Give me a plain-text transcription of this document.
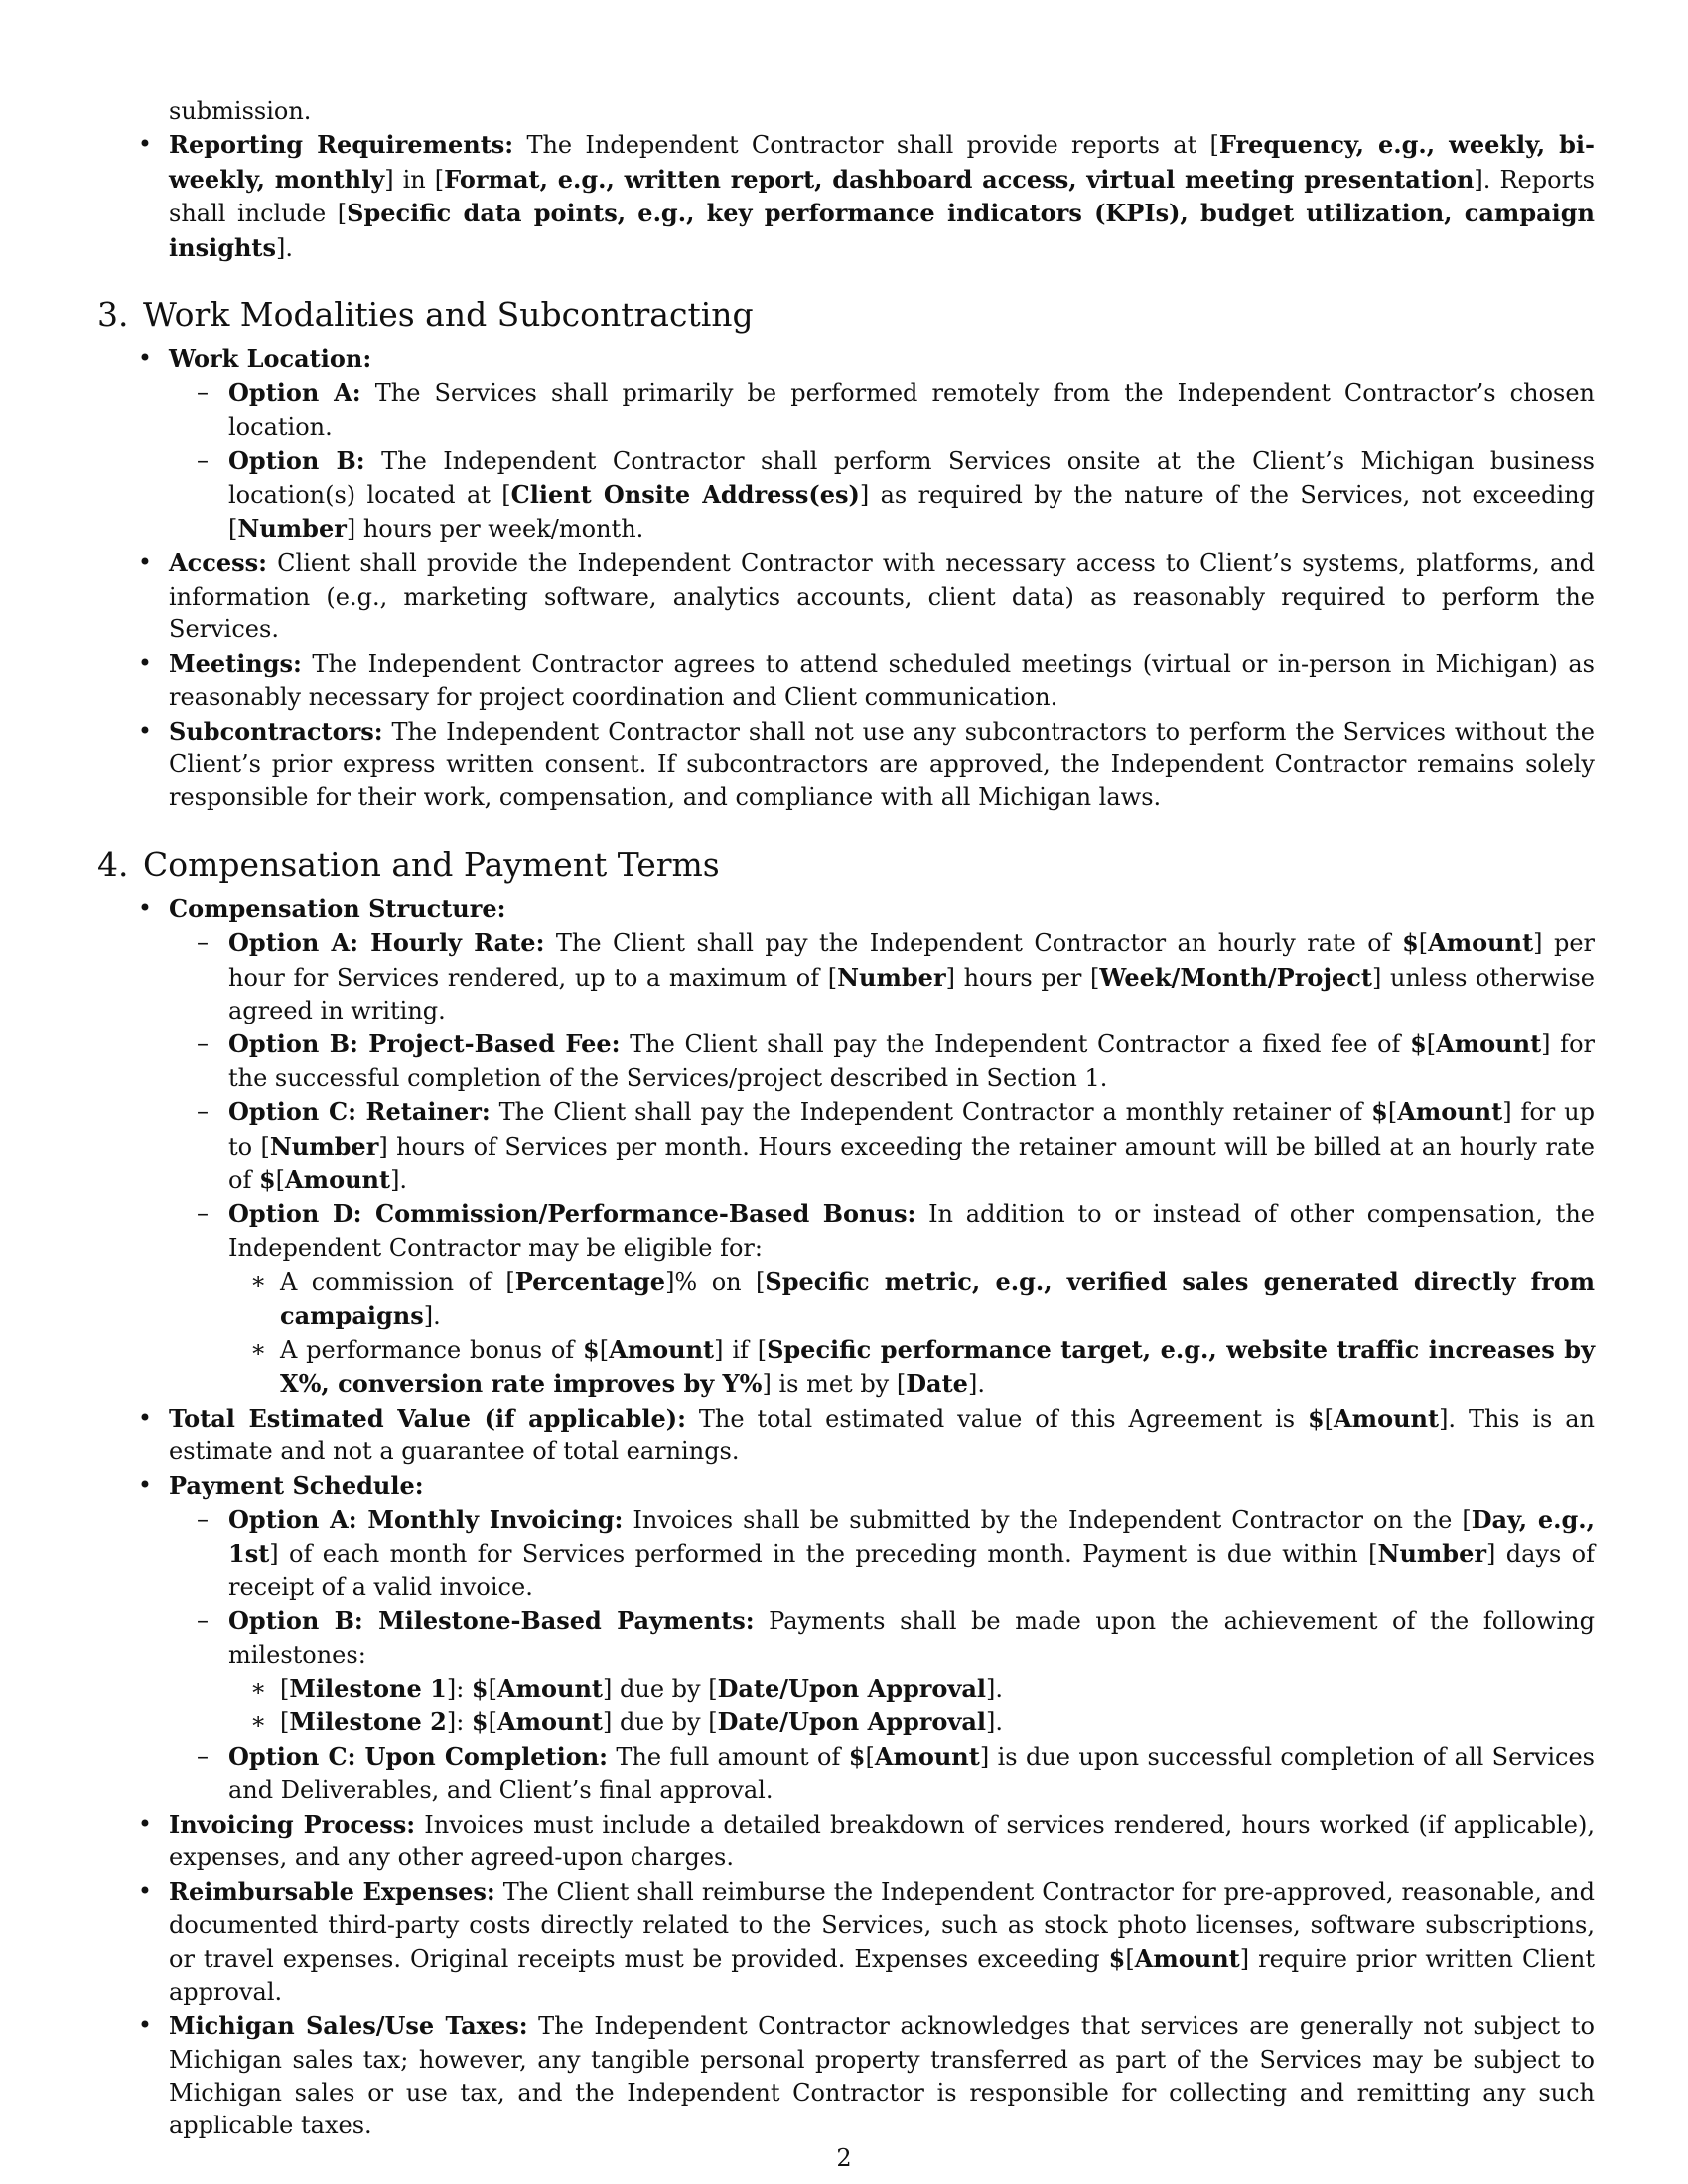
submission.
• Reporting Requirements: The Independent Contractor shall provide reports at [Frequency, e.g., weekly, bi-weekly, monthly] in [Format, e.g., written report, dashboard access, virtual meeting presentation]. Reports shall include [Specific data points, e.g., key performance indicators (KPIs), budget utilization, campaign insights].
3. Work Modalities and Subcontracting
• Work Location:
– Option A: The Services shall primarily be performed remotely from the Independent Contractor’s chosen location.
– Option B: The Independent Contractor shall perform Services onsite at the Client’s Michigan business location(s) located at [Client Onsite Address(es)] as required by the nature of the Services, not exceeding [Number] hours per week/month.
• Access: Client shall provide the Independent Contractor with necessary access to Client’s systems, platforms, and information (e.g., marketing software, analytics accounts, client data) as reasonably required to perform the Services.
• Meetings: The Independent Contractor agrees to attend scheduled meetings (virtual or in-person in Michigan) as reasonably necessary for project coordination and Client communication.
• Subcontractors: The Independent Contractor shall not use any subcontractors to perform the Services without the Client’s prior express written consent. If subcontractors are approved, the Independent Contractor remains solely responsible for their work, compensation, and compliance with all Michigan laws.
4. Compensation and Payment Terms
• Compensation Structure:
– Option A: Hourly Rate: The Client shall pay the Independent Contractor an hourly rate of $[Amount] per hour for Services rendered, up to a maximum of [Number] hours per [Week/Month/Project] unless otherwise agreed in writing.
– Option B: Project-Based Fee: The Client shall pay the Independent Contractor a fixed fee of $[Amount] for the successful completion of the Services/project described in Section 1.
– Option C: Retainer: The Client shall pay the Independent Contractor a monthly retainer of $[Amount] for up to [Number] hours of Services per month. Hours exceeding the retainer amount will be billed at an hourly rate of $[Amount].
– Option D: Commission/Performance-Based Bonus: In addition to or instead of other compensation, the Independent Contractor may be eligible for:
∗ A commission of [Percentage]% on [Specific metric, e.g., verified sales generated directly from campaigns].
∗ A performance bonus of $[Amount] if [Specific performance target, e.g., website traffic increases by X%, conversion rate improves by Y%] is met by [Date].
• Total Estimated Value (if applicable): The total estimated value of this Agreement is $[Amount]. This is an estimate and not a guarantee of total earnings.
• Payment Schedule:
– Option A: Monthly Invoicing: Invoices shall be submitted by the Independent Contractor on the [Day, e.g., 1st] of each month for Services performed in the preceding month. Payment is due within [Number] days of receipt of a valid invoice.
– Option B: Milestone-Based Payments: Payments shall be made upon the achievement of the following milestones:
∗ [Milestone 1]: $[Amount] due by [Date/Upon Approval].
∗ [Milestone 2]: $[Amount] due by [Date/Upon Approval].
– Option C: Upon Completion: The full amount of $[Amount] is due upon successful completion of all Services and Deliverables, and Client’s final approval.
• Invoicing Process: Invoices must include a detailed breakdown of services rendered, hours worked (if applicable), expenses, and any other agreed-upon charges.
• Reimbursable Expenses: The Client shall reimburse the Independent Contractor for pre-approved, reasonable, and documented third-party costs directly related to the Services, such as stock photo licenses, software subscriptions, or travel expenses. Original receipts must be provided. Expenses exceeding $[Amount] require prior written Client approval.
• Michigan Sales/Use Taxes: The Independent Contractor acknowledges that services are generally not subject to Michigan sales tax; however, any tangible personal property transferred as part of the Services may be subject to Michigan sales or use tax, and the Independent Contractor is responsible for collecting and remitting any such applicable taxes.
2
